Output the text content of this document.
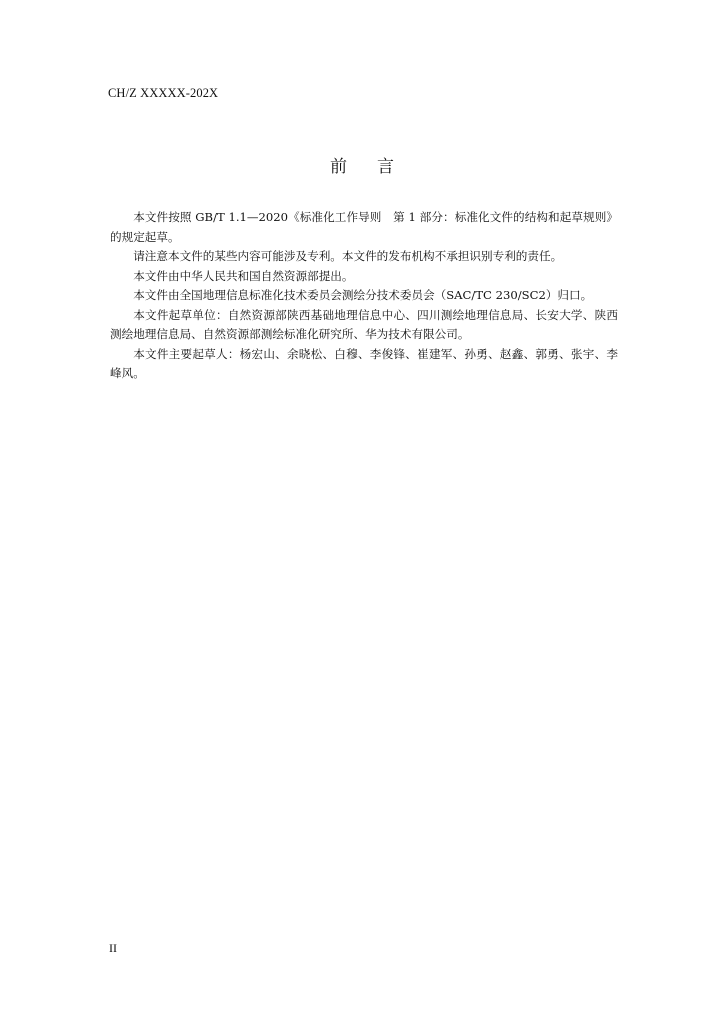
CH/Z XXXXX-202X
前 言

本文件按照 GB/T 1.1—2020《标准化工作导则　第 1 部分：标准化文件的结构和起草规则》的规定起草。

请注意本文件的某些内容可能涉及专利。本文件的发布机构不承担识别专利的责任。

本文件由中华人民共和国自然资源部提出。

本文件由全国地理信息标准化技术委员会测绘分技术委员会（SAC/TC 230/SC2）归口。

本文件起草单位：自然资源部陕西基础地理信息中心、四川测绘地理信息局、长安大学、陕西测绘地理信息局、自然资源部测绘标准化研究所、华为技术有限公司。

本文件主要起草人：杨宏山、余晓松、白穆、李俊锋、崔建军、孙勇、赵鑫、郭勇、张宇、李峰风。

II
